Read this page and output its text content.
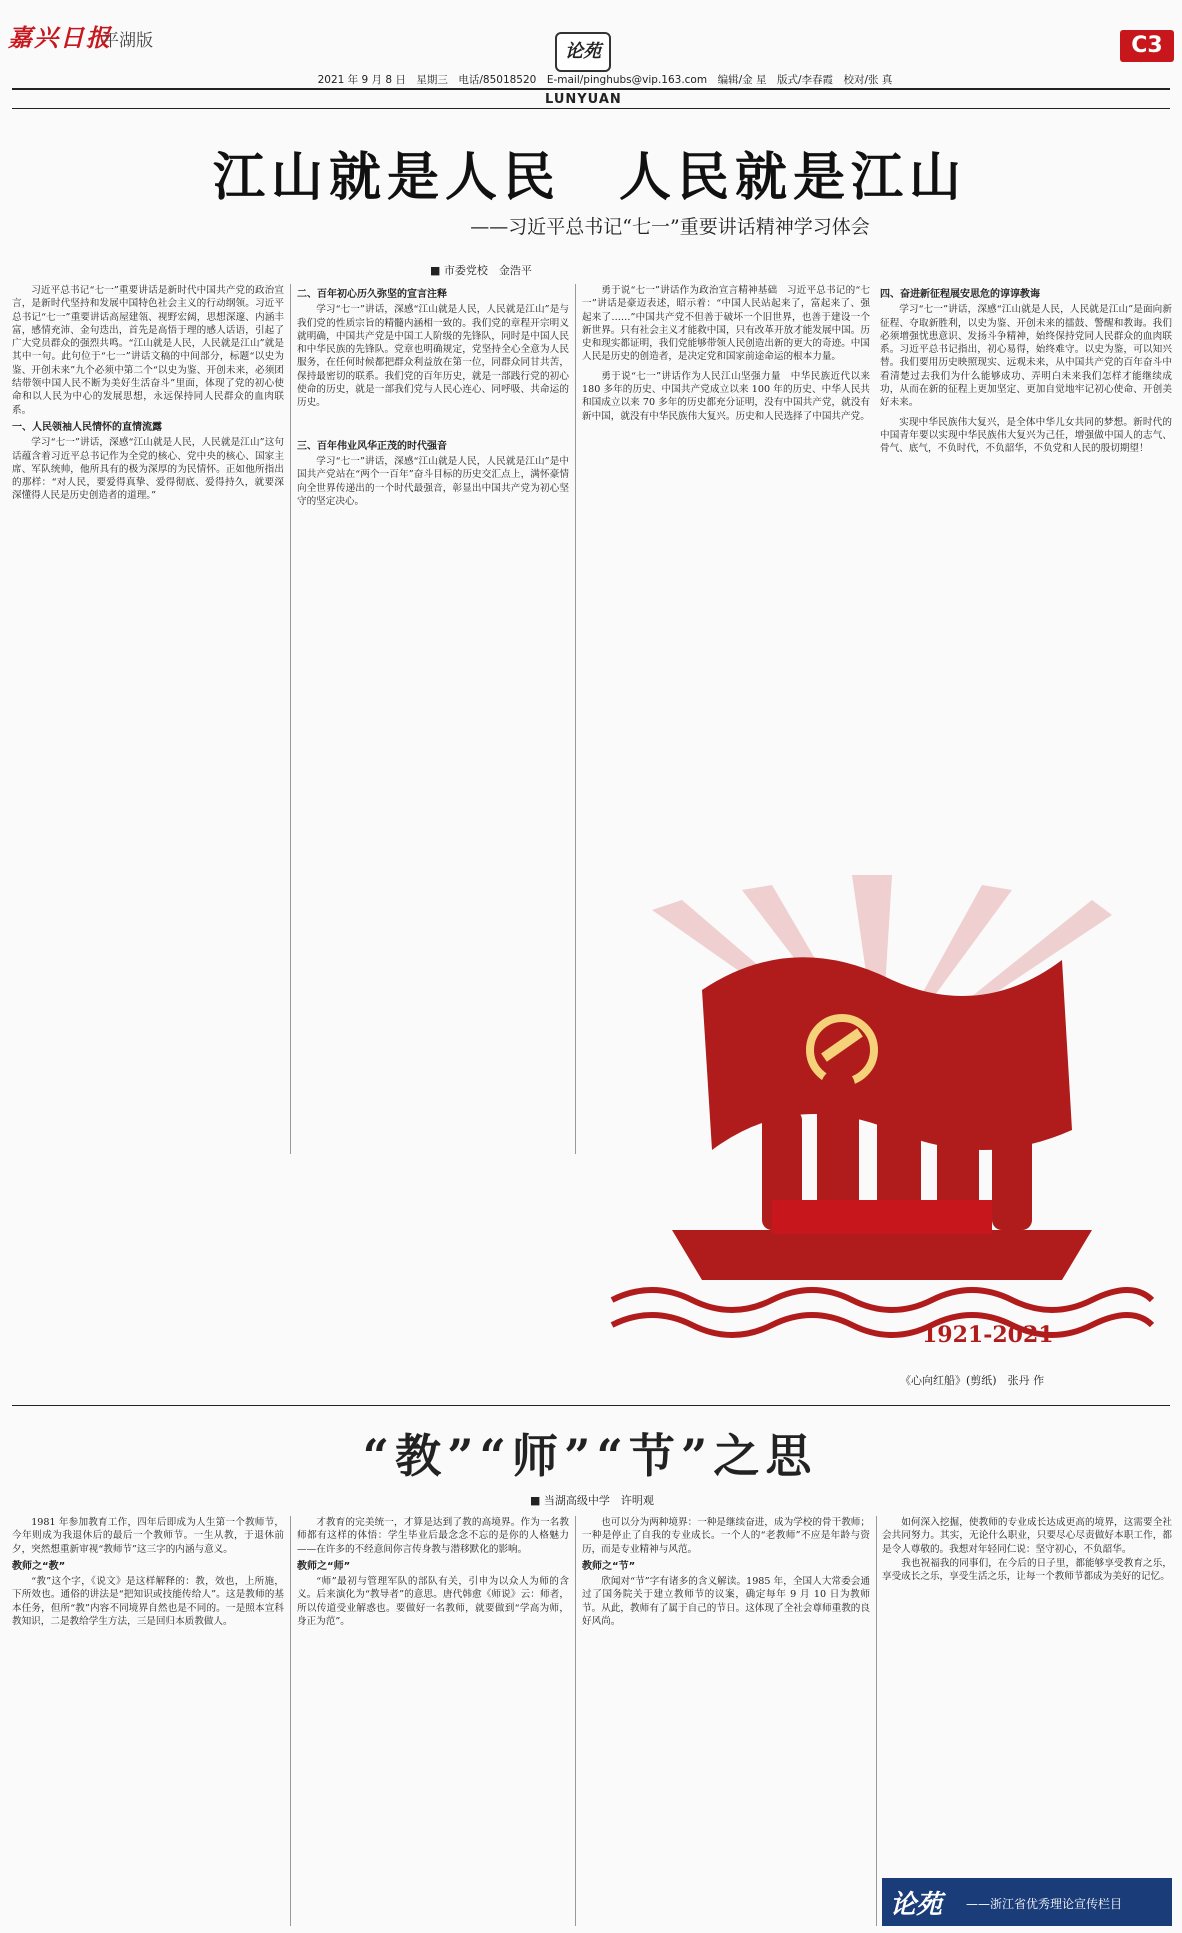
嘉兴日报
平湖版	论苑	C3
2021 年 9 月 8 日　星期三　电话/85018520　E-mail/pinghubs@vip.163.com　编辑/金 星　版式/李春霞　校对/张 真
LUNYUAN
江山就是人民　人民就是江山
——习近平总书记“七一”重要讲话精神学习体会
■ 市委党校　金浩平

习近平总书记“七一”重要讲话是新时代中国共产党的政治宣言，是新时代坚持和发展中国特色社会主义的行动纲领。习近平总书记“七一”重要讲话高屋建瓴、视野宏阔，思想深邃、内涵丰富，感情充沛、金句迭出，首先是高悟于理的感人话语，引起了广大党员群众的强烈共鸣。“江山就是人民，人民就是江山”就是其中一句。此句位于“七一”讲话文稿的中间部分，标题“以史为鉴、开创未来”九个必须中第二个“以史为鉴、开创未来，必须团结带领中国人民不断为美好生活奋斗”里面，体现了党的初心使命和以人民为中心的发展思想，永远保持同人民群众的血肉联系。

一、人民领袖人民情怀的直情流露

学习“七一”讲话，深感“江山就是人民，人民就是江山”这句话蕴含着习近平总书记作为全党的核心、党中央的核心、国家主席、军队统帅，他所具有的极为深厚的为民情怀。正如他所指出的那样：“对人民，要爱得真挚、爱得彻底、爱得持久，就要深深懂得人民是历史创造者的道理。”

二、百年初心历久弥坚的宣言注释

学习“七一”讲话，深感“江山就是人民，人民就是江山”是与我们党的性质宗旨的精髓内涵相一致的。我们党的章程开宗明义就明确，中国共产党是中国工人阶级的先锋队，同时是中国人民和中华民族的先锋队。党章也明确规定，党坚持全心全意为人民服务，在任何时候都把群众利益放在第一位，同群众同甘共苦，保持最密切的联系。我们党的百年历史，就是一部践行党的初心使命的历史，就是一部我们党与人民心连心、同呼吸、共命运的历史。

三、百年伟业风华正茂的时代强音

学习“七一”讲话，深感“江山就是人民，人民就是江山”是中国共产党站在“两个一百年”奋斗目标的历史交汇点上，满怀豪情向全世界传递出的一个时代最强音，彰显出中国共产党为初心坚守的坚定决心。

勇于说“七一”讲话作为政治宣言精神基础　习近平总书记的“七一”讲话是豪迈表述，昭示着：“中国人民站起来了，富起来了、强起来了……”中国共产党不但善于破坏一个旧世界，也善于建设一个新世界。只有社会主义才能救中国，只有改革开放才能发展中国。历史和现实都证明，我们党能够带领人民创造出新的更大的奇迹。中国人民是历史的创造者，是决定党和国家前途命运的根本力量。

勇于说“七一”讲话作为人民江山坚强力量　中华民族近代以来 180 多年的历史、中国共产党成立以来 100 年的历史、中华人民共和国成立以来 70 多年的历史都充分证明，没有中国共产党，就没有新中国，就没有中华民族伟大复兴。历史和人民选择了中国共产党。

四、奋进新征程展安思危的谆谆教诲

学习“七一”讲话，深感“江山就是人民，人民就是江山”是面向新征程、夺取新胜利，以史为鉴、开创未来的擂鼓、警醒和教诲。我们必须增强忧患意识、发扬斗争精神，始终保持党同人民群众的血肉联系。习近平总书记指出，初心易得，始终难守。以史为鉴，可以知兴替。我们要用历史映照现实、远观未来，从中国共产党的百年奋斗中看清楚过去我们为什么能够成功、弄明白未来我们怎样才能继续成功，从而在新的征程上更加坚定、更加自觉地牢记初心使命、开创美好未来。

实现中华民族伟大复兴，是全体中华儿女共同的梦想。新时代的中国青年要以实现中华民族伟大复兴为己任，增强做中国人的志气、骨气、底气，不负时代，不负韶华，不负党和人民的殷切期望！

1921-2021
《心向红船》(剪纸)　张丹 作
“教”“师”“节”之思
■ 当湖高级中学　许明观

1981 年参加教育工作，四年后即成为人生第一个教师节，今年则成为我退休后的最后一个教师节。一生从教，于退休前夕，突然想重新审视“教师节”这三字的内涵与意义。

教师之“教”

“教”这个字，《说文》是这样解释的：教，效也，上所施，下所效也。通俗的讲法是“把知识或技能传给人”。这是教师的基本任务，但所“教”内容不同境界自然也是不同的。一是照本宣科教知识，二是教给学生方法，三是回归本质教做人。

才教育的完美统一，才算是达到了教的高境界。作为一名教师都有这样的体悟：学生毕业后最念念不忘的是你的人格魅力——在许多的不经意间你言传身教与潜移默化的影响。

教师之“师”

“师”最初与管理军队的部队有关，引申为以众人为师的含义。后来演化为“教导者”的意思。唐代韩愈《师说》云：师者，所以传道受业解惑也。要做好一名教师，就要做到“学高为师，身正为范”。

也可以分为两种境界：一种是继续奋进，成为学校的骨干教师；一种是停止了自我的专业成长。一个人的“老教师”不应是年龄与资历，而是专业精神与风范。

教师之“节”

欣闻对“节”字有诸多的含义解读。1985 年，全国人大常委会通过了国务院关于建立教师节的议案，确定每年 9 月 10 日为教师节。从此，教师有了属于自己的节日。这体现了全社会尊师重教的良好风尚。

如何深入挖掘，使教师的专业成长达成更高的境界，这需要全社会共同努力。其实，无论什么职业，只要尽心尽责做好本职工作，都是令人尊敬的。我想对年轻同仁说：坚守初心，不负韶华。

我也祝福我的同事们，在今后的日子里，都能够享受教育之乐，享受成长之乐，享受生活之乐，让每一个教师节都成为美好的记忆。

论苑 ——浙江省优秀理论宣传栏目
